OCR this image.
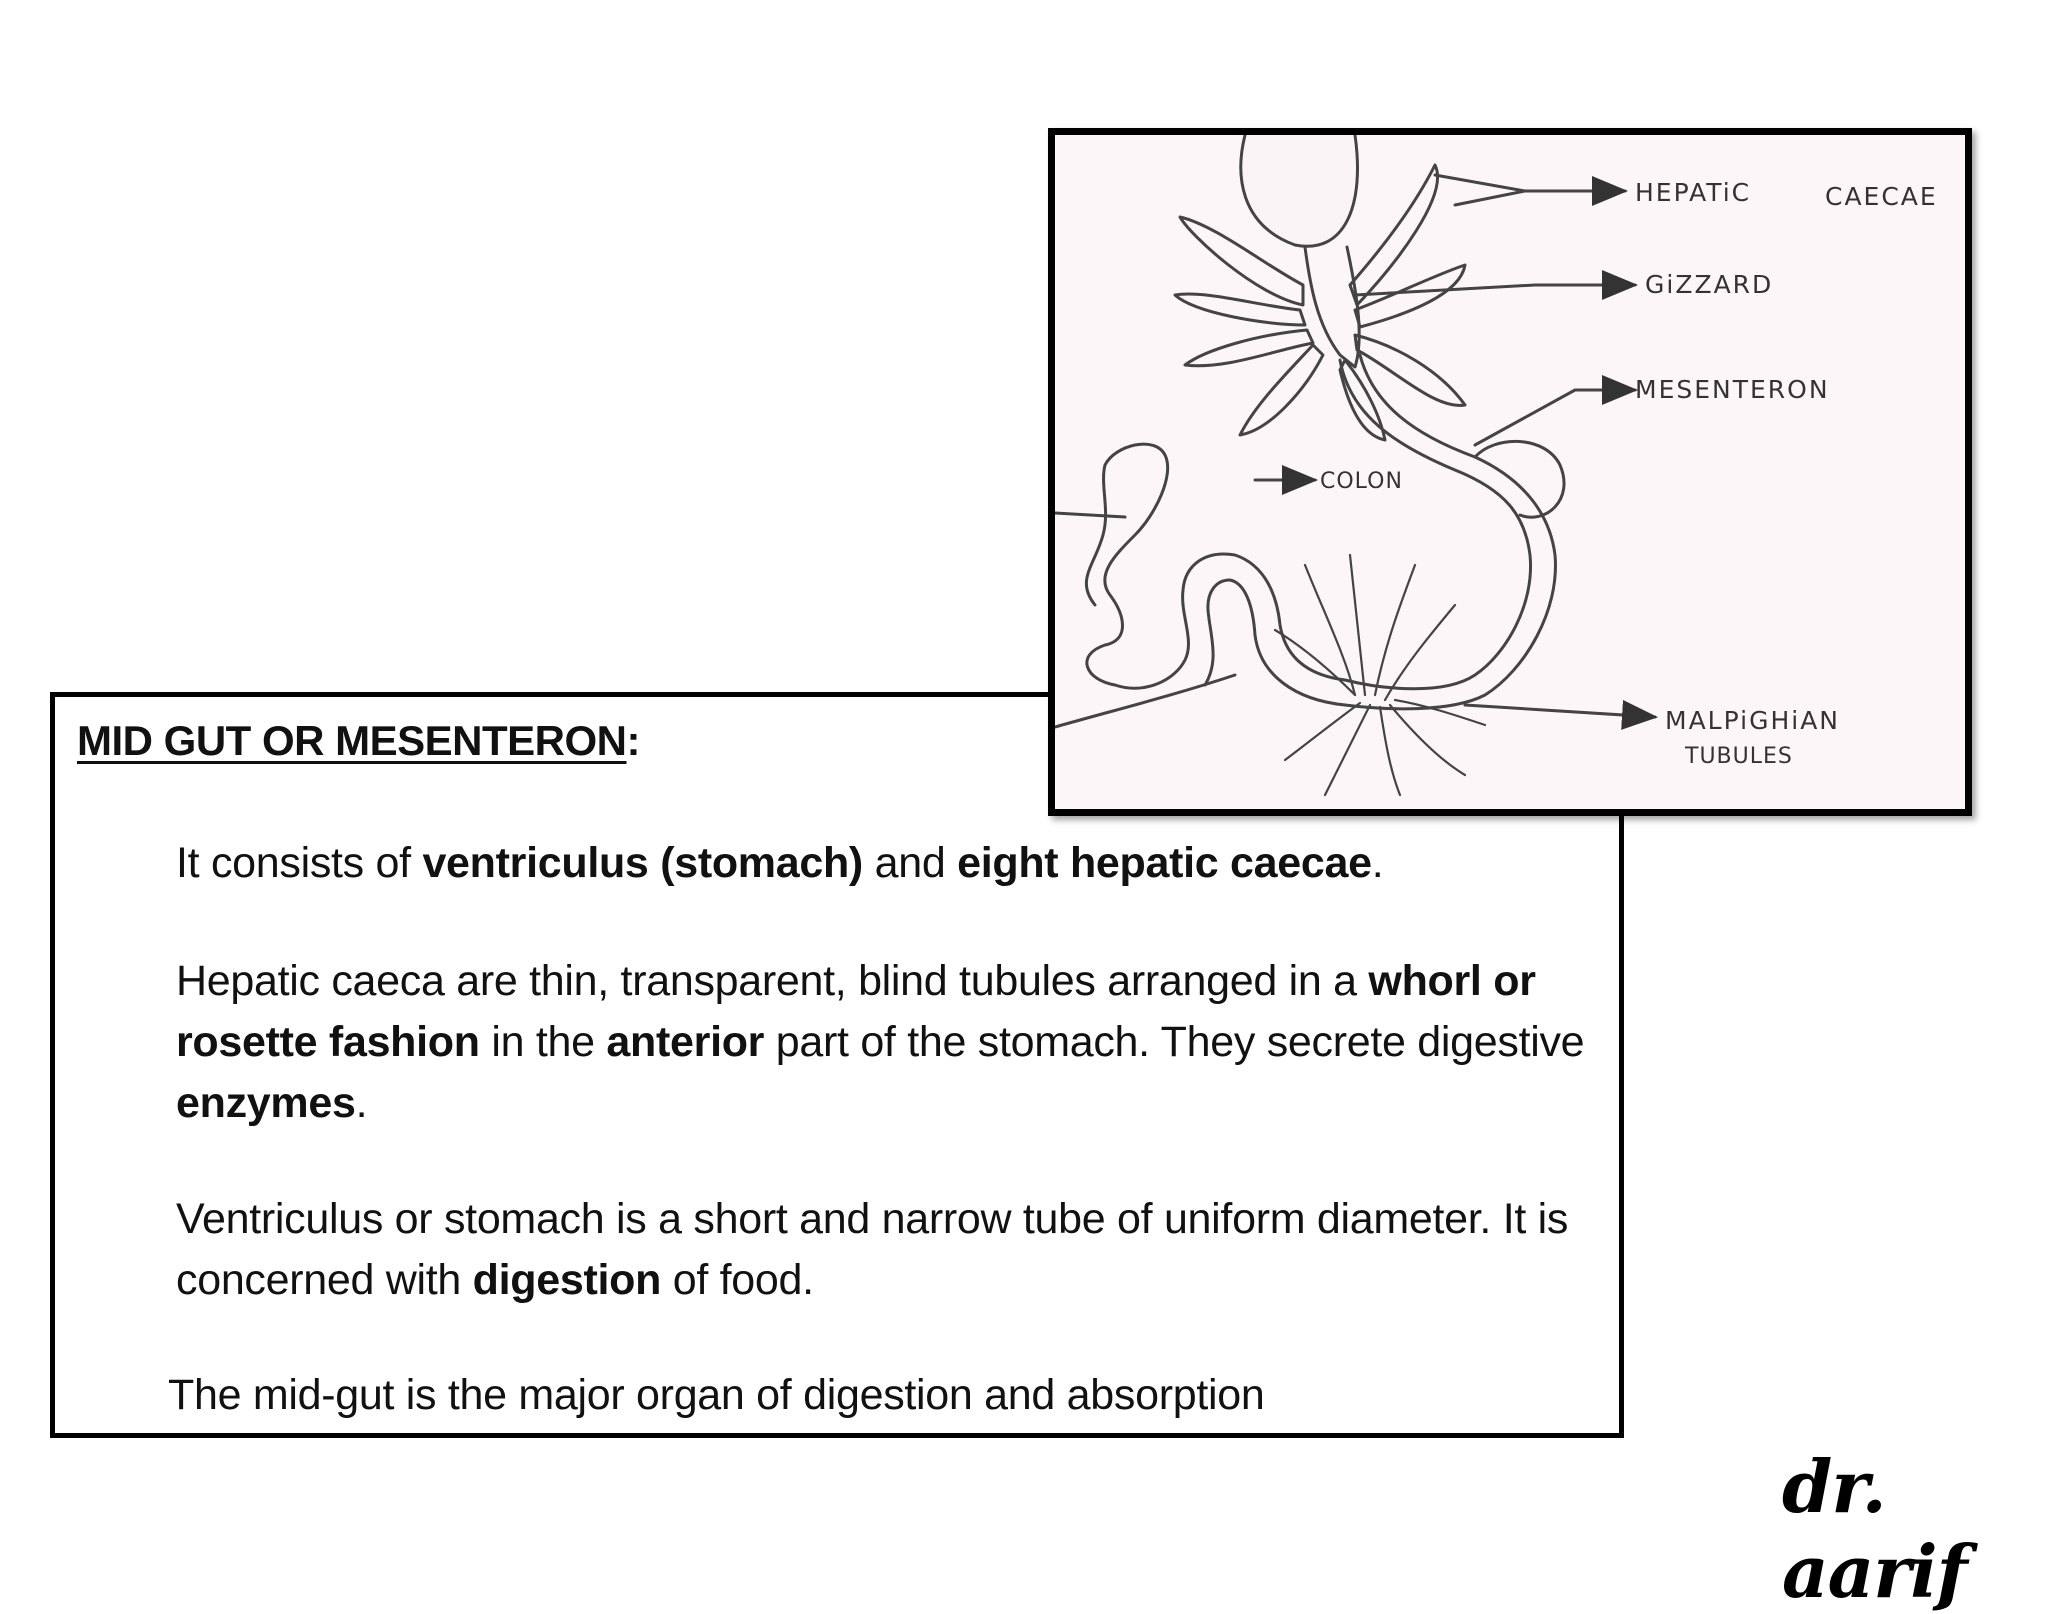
MID GUT OR MESENTERON:
It consists of ventriculus (stomach) and eight hepatic caecae.
Hepatic caeca are thin, transparent, blind tubules arranged in a whorl or rosette fashion in the anterior part of the stomach. They secrete digestive enzymes.
Ventriculus or stomach is a short and narrow tube of uniform diameter. It is concerned with digestion of food.
The mid-gut is the major organ of digestion and absorption
HEPATiC	CAECAE
GiZZARD
MESENTERON
COLON
MALPiGHiAN
TUBULES
dr. aarif
